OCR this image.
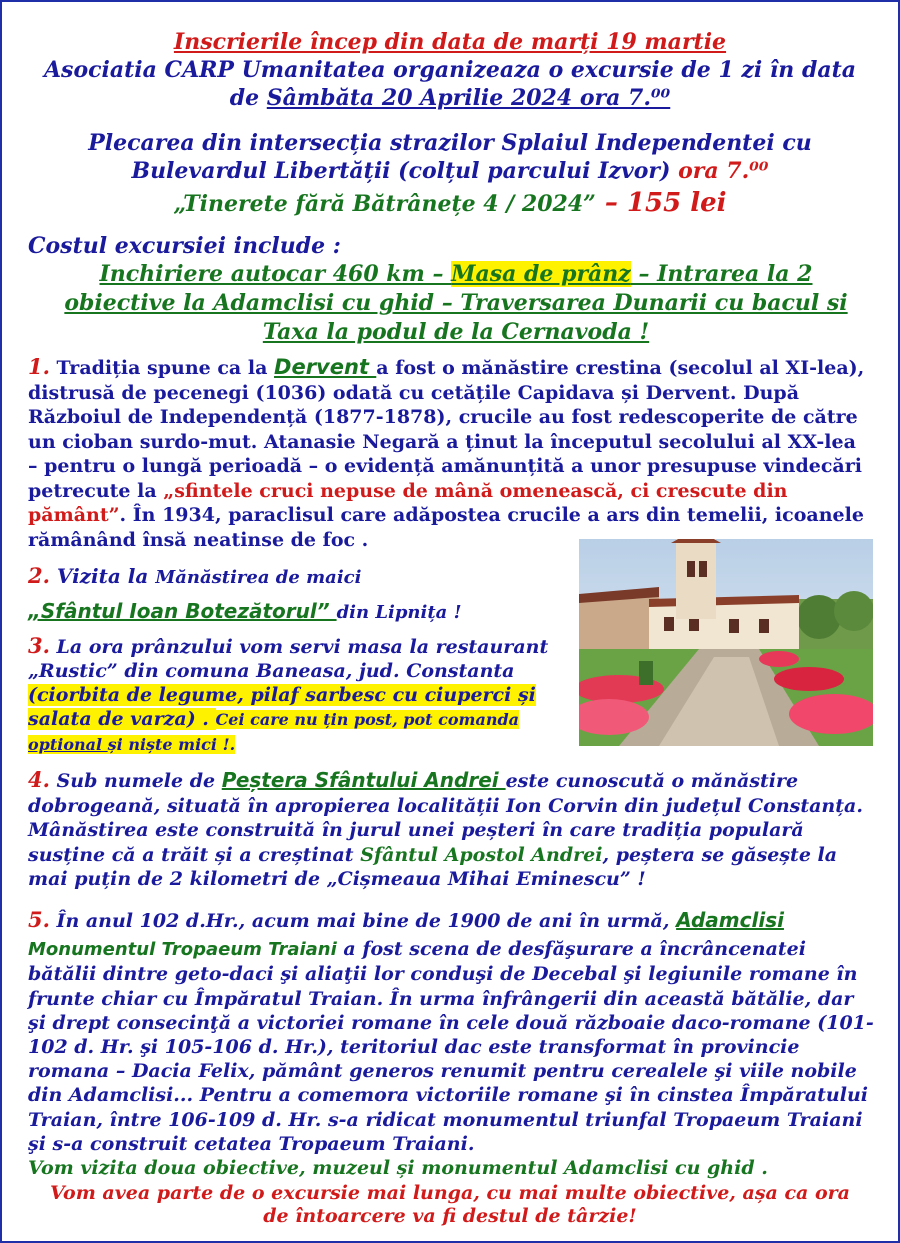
Inscrierile încep din data de marți 19 martie
Asociatia CARP Umanitatea organizeaza o excursie de 1 zi în data
de Sâmbăta 20 Aprilie 2024 ora 7.⁰⁰
Plecarea din intersecția strazilor Splaiul Independentei cu
Bulevardul Libertății (colțul parcului Izvor) ora 7.⁰⁰
„Tinerete fără Bătrânețe 4 / 2024” – 155 lei
Costul excursiei include :
Inchiriere autocar 460 km – Masa de prânz – Intrarea la 2
obiective la Adamclisi cu ghid – Traversarea Dunarii cu bacul si
Taxa la podul de la Cernavoda !
1. Tradiția spune ca la Dervent a fost o mănăstire crestina (secolul al XI-lea), distrusă de pecenegi (1036) odată cu cetățile Capidava și Dervent. După Războiul de Independență (1877-1878), crucile au fost redescoperite de către un cioban surdo-mut. Atanasie Negară a ținut la începutul secolului al XX-lea – pentru o lungă perioadă – o evidență amănunțită a unor presupuse vindecări petrecute la „sfintele cruci nepuse de mână omenească, ci crescute din pământ”. În 1934, paraclisul care adăpostea crucile a ars din temelii, icoanele rămânând însă neatinse de foc .
2. Vizita la Mănăstirea de maici
„Sfântul Ioan Botezătorul” din Lipnița !
3. La ora prânzului vom servi masa la restaurant „Rustic” din comuna Baneasa, jud. Constanta (ciorbita de legume, pilaf sarbesc cu ciuperci și salata de varza) . Cei care nu țin post, pot comanda optional și niște mici !.
4. Sub numele de Peștera Sfântului Andrei este cunoscută o mănăstire dobrogeană, situată în apropierea localității Ion Corvin din județul Constanța. Mânăstirea este construită în jurul unei peșteri în care tradiția populară susține că a trăit și a creștinat Sfântul Apostol Andrei, peștera se găsește la mai puțin de 2 kilometri de „Cișmeaua Mihai Eminescu” !
5. În anul 102 d.Hr., acum mai bine de 1900 de ani în urmă, Adamclisi
Monumentul Tropaeum Traiani a fost scena de desfăşurare a încrâncenatei bătălii dintre geto-daci şi aliaţii lor conduşi de Decebal şi legiunile romane în frunte chiar cu Împăratul Traian. În urma înfrângerii din această bătălie, dar şi drept consecinţă a victoriei romane în cele două războaie daco-romane (101-102 d. Hr. şi 105-106 d. Hr.), teritoriul dac este transformat în provincie romana – Dacia Felix, pământ generos renumit pentru cerealele şi viile nobile din Adamclisi... Pentru a comemora victoriile romane şi în cinstea Împăratului Traian, între 106-109 d. Hr. s-a ridicat monumentul triunfal Tropaeum Traiani şi s-a construit cetatea Tropaeum Traiani.
Vom vizita doua obiective, muzeul și monumentul Adamclisi cu ghid .
Vom avea parte de o excursie mai lunga, cu mai multe obiective, așa ca ora
de întoarcere va fi destul de târzie!
